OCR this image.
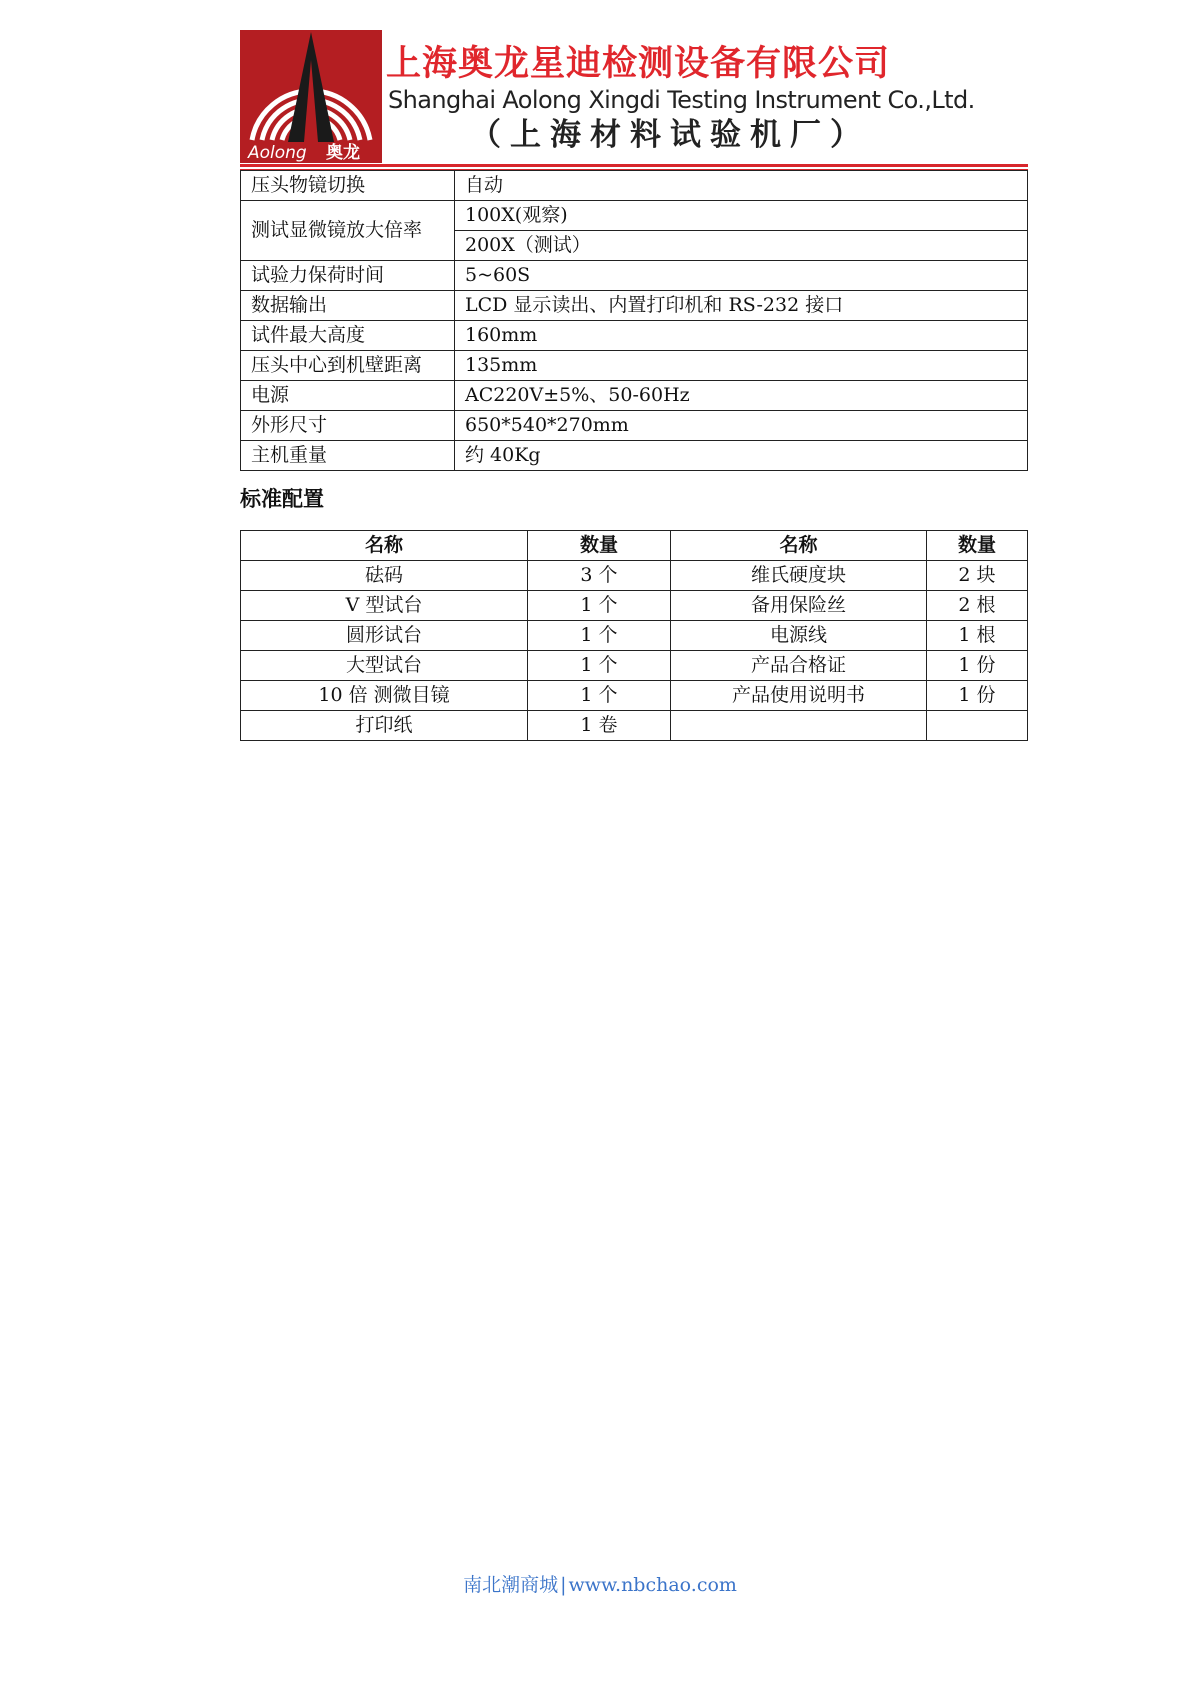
Aolong 奥龙
上海奥龙星迪检测设备有限公司
Shanghai Aolong Xingdi Testing Instrument Co.,Ltd.
（上海材料试验机厂）
压头物镜切换	自动
测试显微镜放大倍率	100X(观察)
	200X（测试）
试验力保荷时间	5~60S
数据输出	LCD 显示读出、内置打印机和 RS-232 接口
试件最大高度	160mm
压头中心到机壁距离	135mm
电源	AC220V±5%、50-60Hz
外形尺寸	650*540*270mm
主机重量	约 40Kg
标准配置
名称	数量	名称	数量
砝码	3 个	维氏硬度块	2 块
V 型试台	1 个	备用保险丝	2 根
圆形试台	1 个	电源线	1 根
大型试台	1 个	产品合格证	1 份
10 倍 测微目镜	1 个	产品使用说明书	1 份
打印纸	1 卷		
南北潮商城 | www.nbchao.com
